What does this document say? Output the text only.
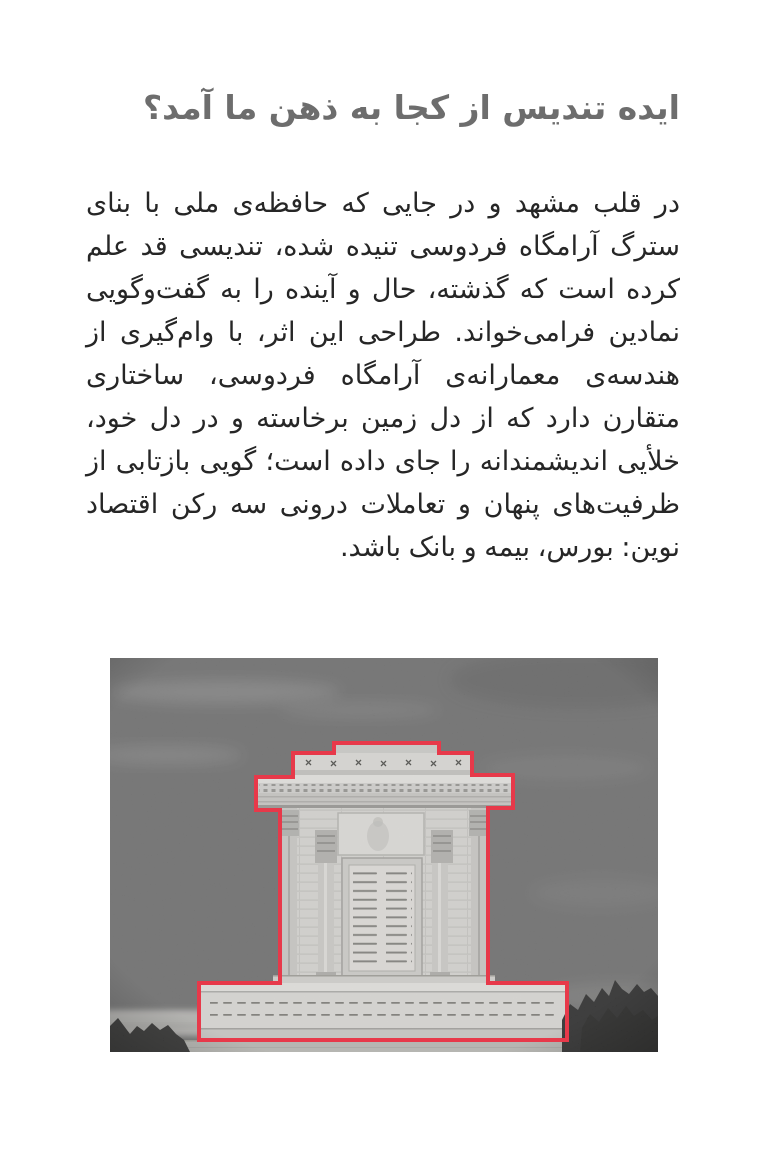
ایده تندیس از کجا به ذهن ما آمد؟

در قلب مشهد و در جایی که حافظه‌ی ملی با بنای سترگ آرامگاه فردوسی تنیده شده، تندیسی قد علم کرده است که گذشته، حال و آینده را به گفت‌وگویی نمادین فرامی‌خواند. طراحی این اثر، با وام‌گیری از هندسه‌ی معمارانه‌ی آرامگاه فردوسی، ساختاری متقارن دارد که از دل زمین برخاسته و در دل خود، خلأیی اندیشمندانه را جای داده است؛ گویی بازتابی از ظرفیت‌های پنهان و تعاملات درونی سه رکن اقتصاد نوین: بورس، بیمه و بانک باشد.
